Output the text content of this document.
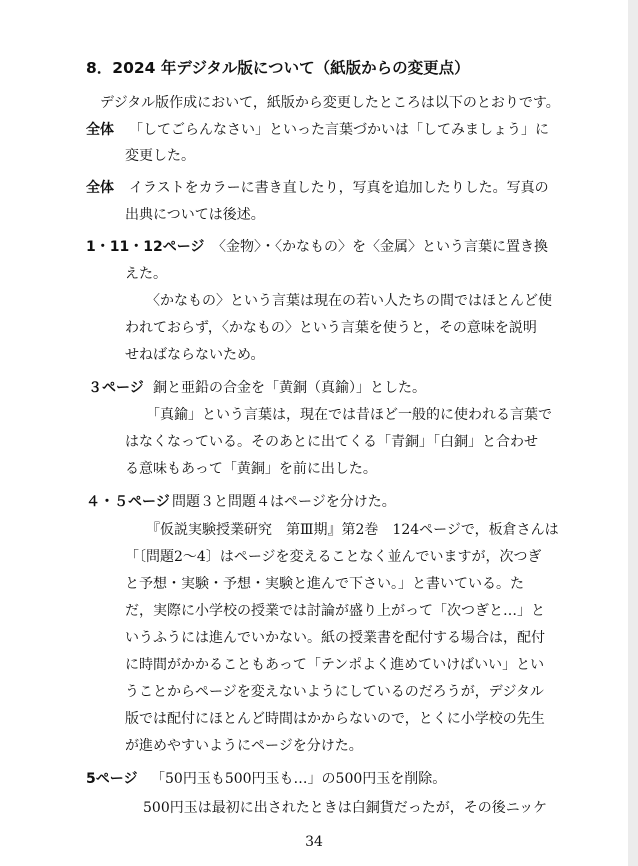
8．2024 年デジタル版について（紙版からの変更点）
デジタル版作成において，紙版から変更したところは以下のとおりです。
全体 「してごらんなさい」といった言葉づかいは「してみましょう」に
変更した。
全体 イラストをカラーに書き直したり，写真を追加したりした。写真の
出典については後述。
1・11・12ページ 〈金物〉・〈かなもの〉を〈金属〉という言葉に置き換
えた。
〈かなもの〉という言葉は現在の若い人たちの間ではほとんど使
われておらず，〈かなもの〉という言葉を使うと，その意味を説明
せねばならないため。
３ページ 銅と亜鉛の合金を「黄銅（真鍮）」とした。
「真鍮」という言葉は，現在では昔ほど一般的に使われる言葉で
はなくなっている。そのあとに出てくる「青銅」「白銅」と合わせ
る意味もあって「黄銅」を前に出した。
４・５ページ 問題３と問題４はページを分けた。
『仮説実験授業研究　第Ⅲ期』第2巻　124ページで，板倉さんは
「〔問題2～4〕はページを変えることなく並んでいますが，次つぎ
と予想・実験・予想・実験と進んで下さい。」と書いている。た
だ，実際に小学校の授業では討論が盛り上がって「次つぎと…」と
いうふうには進んでいかない。紙の授業書を配付する場合は，配付
に時間がかかることもあって「テンポよく進めていけばいい」とい
うことからページを変えないようにしているのだろうが，デジタル
版では配付にほとんど時間はかからないので，とくに小学校の先生
が進めやすいようにページを分けた。
5ページ 「50円玉も500円玉も…」の500円玉を削除。
500円玉は最初に出されたときは白銅貨だったが，その後ニッケ
34
